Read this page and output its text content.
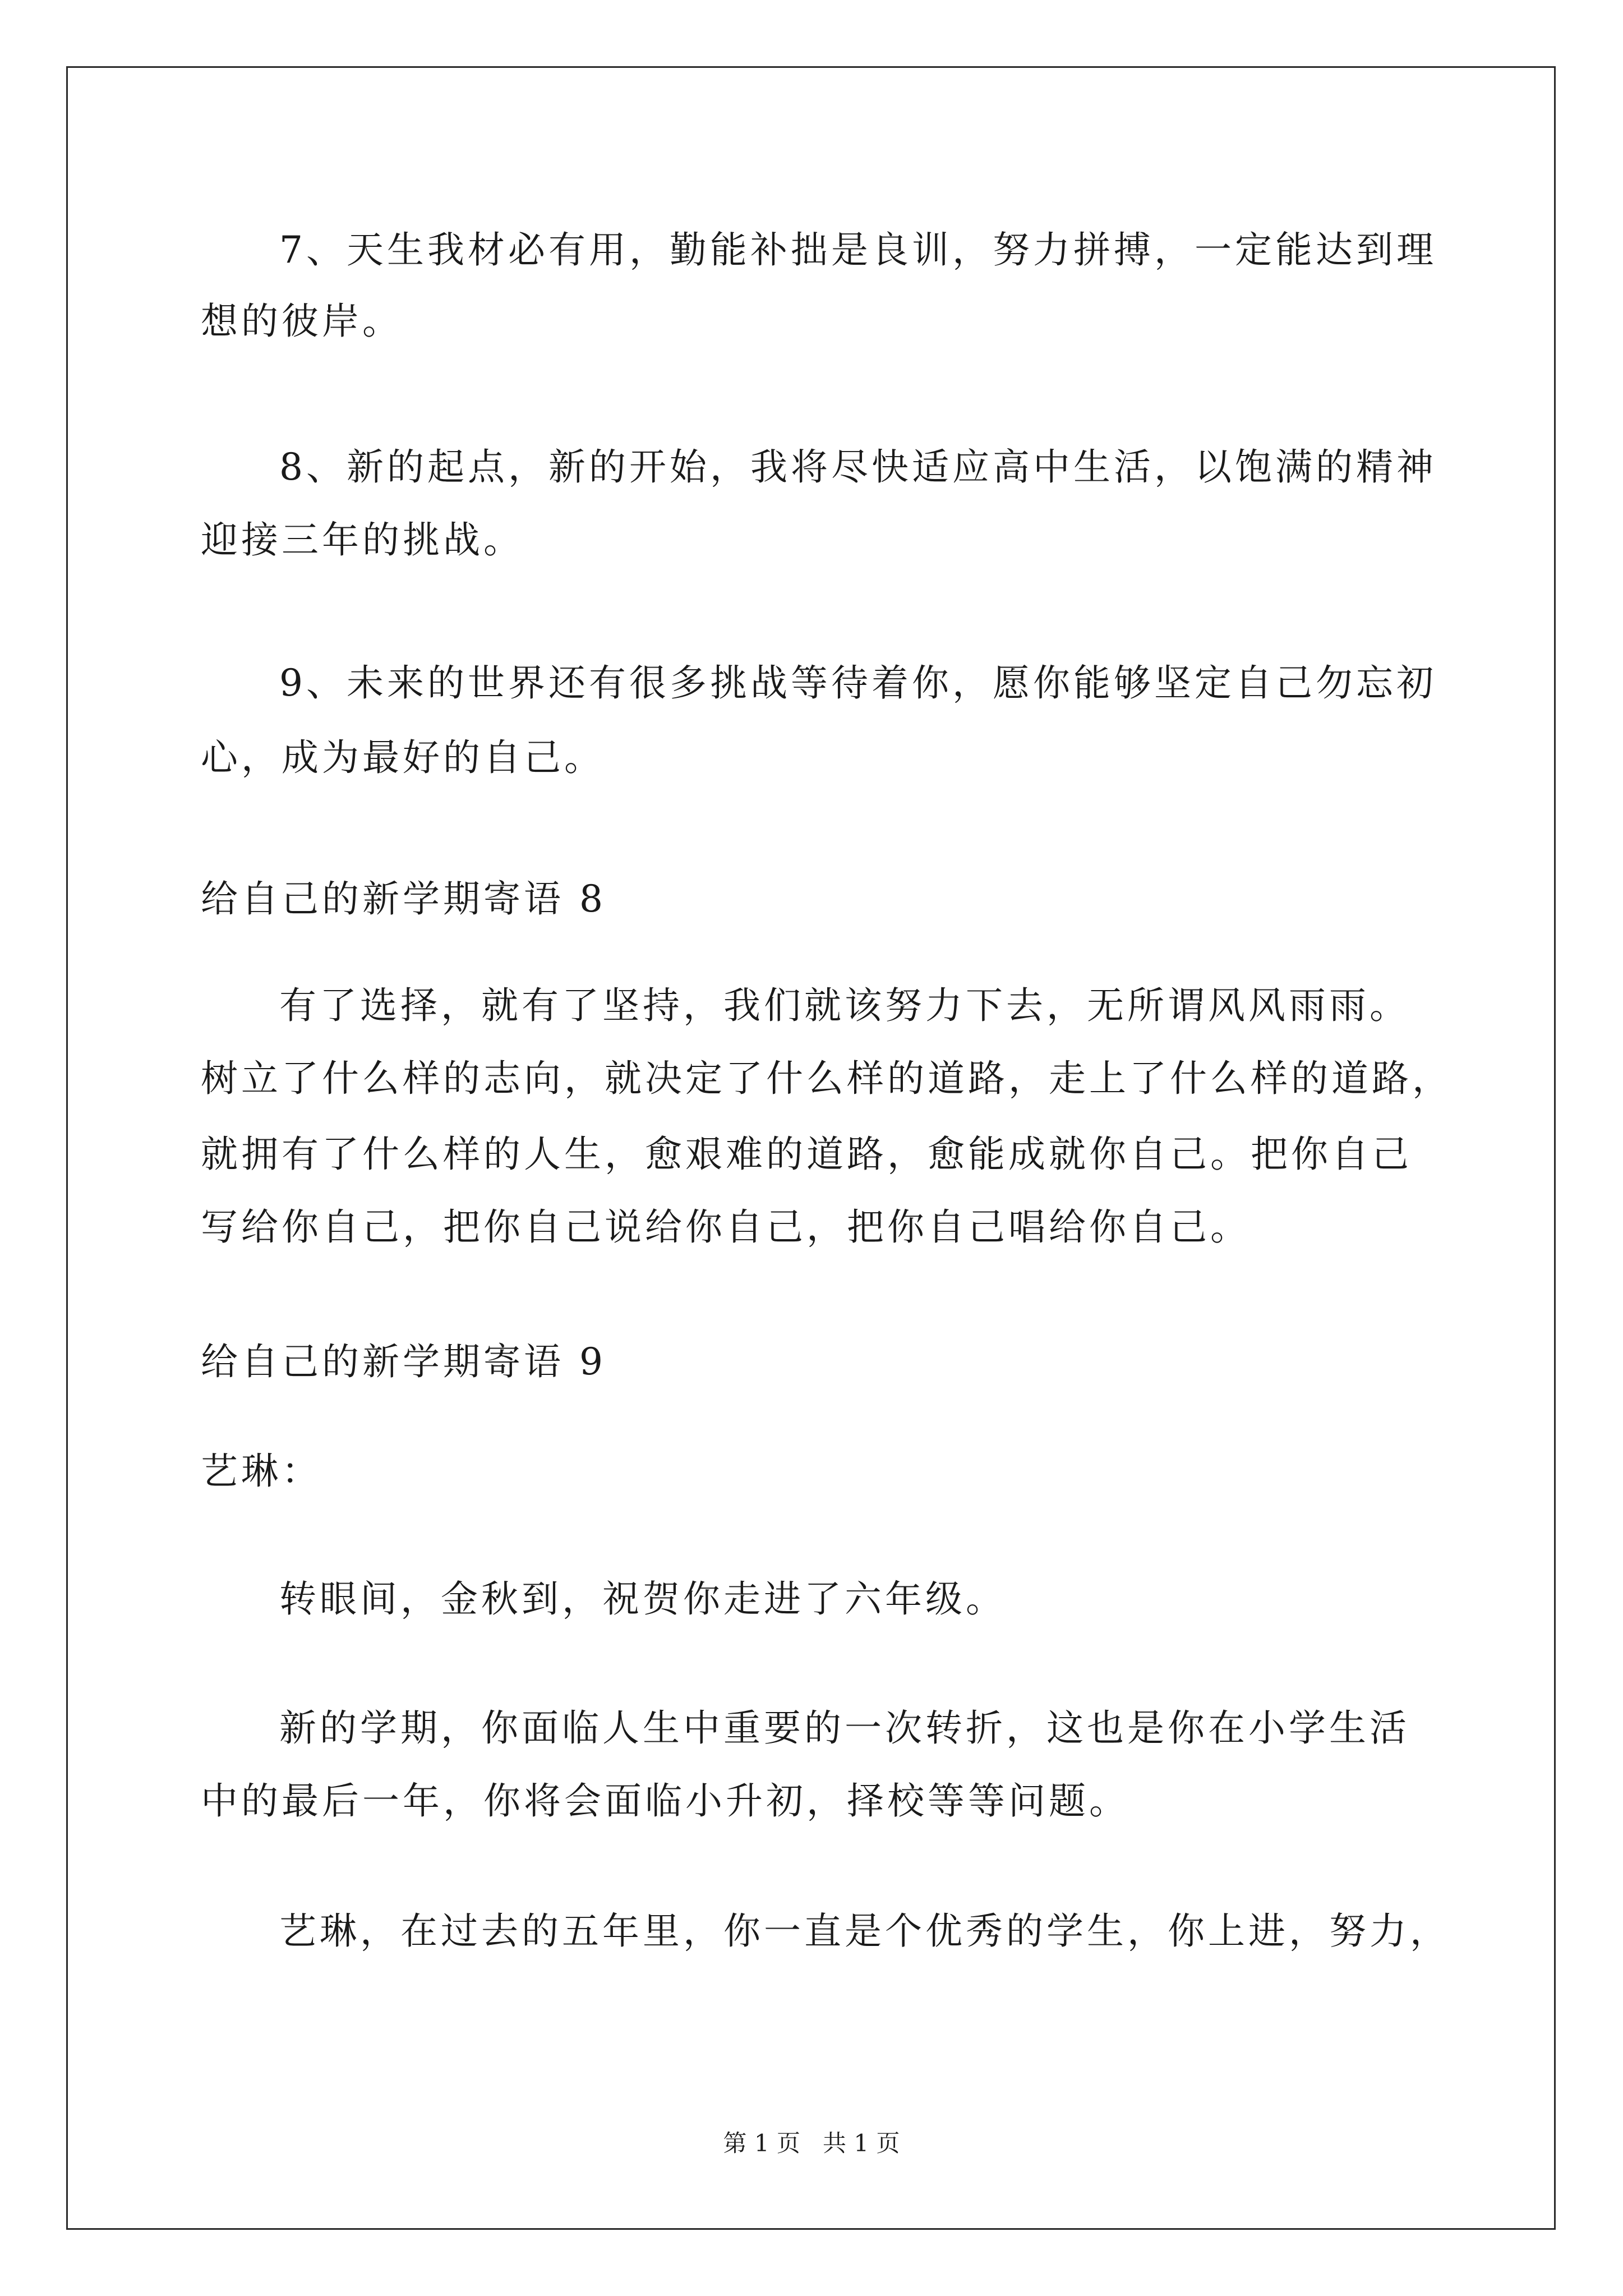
7、天生我材必有用，勤能补拙是良训，努力拼搏，一定能达到理
想的彼岸。
8、新的起点，新的开始，我将尽快适应高中生活，以饱满的精神
迎接三年的挑战。
9、未来的世界还有很多挑战等待着你，愿你能够坚定自己勿忘初
心，成为最好的自己。
给自己的新学期寄语 8
有了选择，就有了坚持，我们就该努力下去，无所谓风风雨雨。
树立了什么样的志向，就决定了什么样的道路，走上了什么样的道路，
就拥有了什么样的人生，愈艰难的道路，愈能成就你自己。把你自己
写给你自己，把你自己说给你自己，把你自己唱给你自己。
给自己的新学期寄语 9
艺琳：
转眼间，金秋到，祝贺你走进了六年级。
新的学期，你面临人生中重要的一次转折，这也是你在小学生活
中的最后一年，你将会面临小升初，择校等等问题。
艺琳，在过去的五年里，你一直是个优秀的学生，你上进，努力，
第 1 页   共 1 页
